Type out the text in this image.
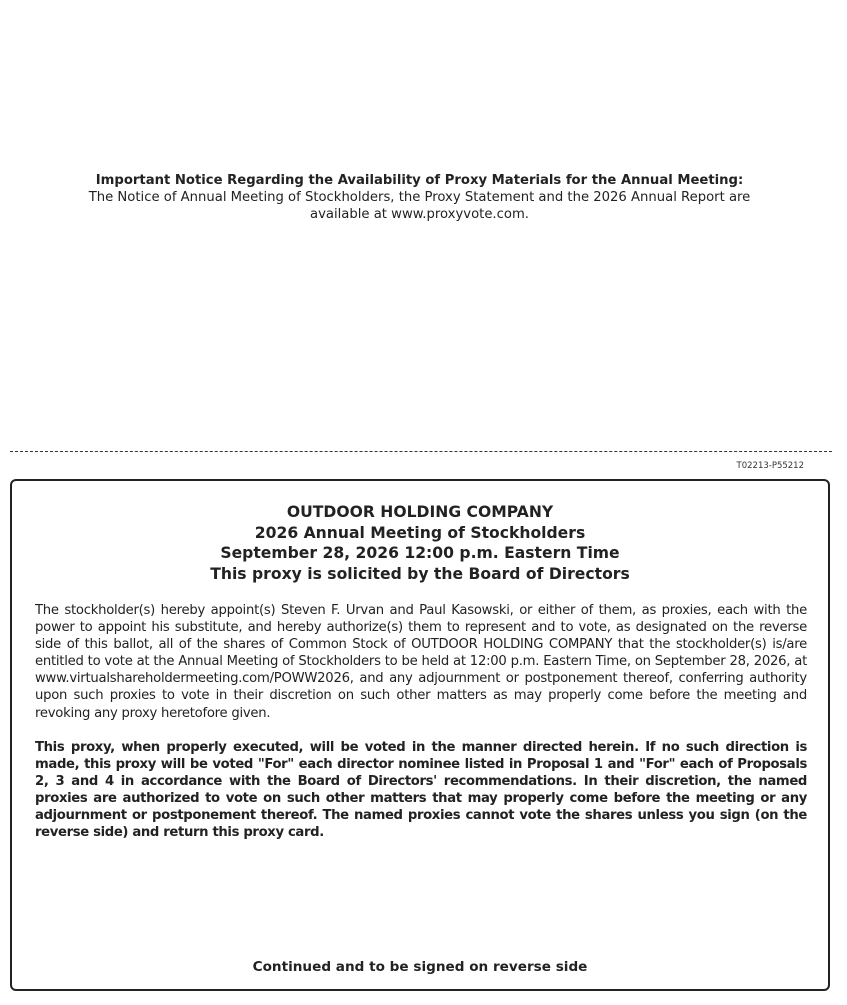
Important Notice Regarding the Availability of Proxy Materials for the Annual Meeting:
The Notice of Annual Meeting of Stockholders, the Proxy Statement and the 2026 Annual Report are
available at www.proxyvote.com.
T02213-P55212
OUTDOOR HOLDING COMPANY
2026 Annual Meeting of Stockholders
September 28, 2026 12:00 p.m. Eastern Time
This proxy is solicited by the Board of Directors
The stockholder(s) hereby appoint(s) Steven F. Urvan and Paul Kasowski, or either of them, as proxies, each with the power to appoint his substitute, and hereby authorize(s) them to represent and to vote, as designated on the reverse side of this ballot, all of the shares of Common Stock of OUTDOOR HOLDING COMPANY that the stockholder(s) is/are entitled to vote at the Annual Meeting of Stockholders to be held at 12:00 p.m. Eastern Time, on September 28, 2026, at www.virtualshareholdermeeting.com/POWW2026, and any adjournment or postponement thereof, conferring authority upon such proxies to vote in their discretion on such other matters as may properly come before the meeting and revoking any proxy heretofore given.
This proxy, when properly executed, will be voted in the manner directed herein. If no such direction is made, this proxy will be voted "For" each director nominee listed in Proposal 1 and "For" each of Proposals 2, 3 and 4 in accordance with the Board of Directors' recommendations. In their discretion, the named proxies are authorized to vote on such other matters that may properly come before the meeting or any adjournment or postponement thereof. The named proxies cannot vote the shares unless you sign (on the reverse side) and return this proxy card.
Continued and to be signed on reverse side
